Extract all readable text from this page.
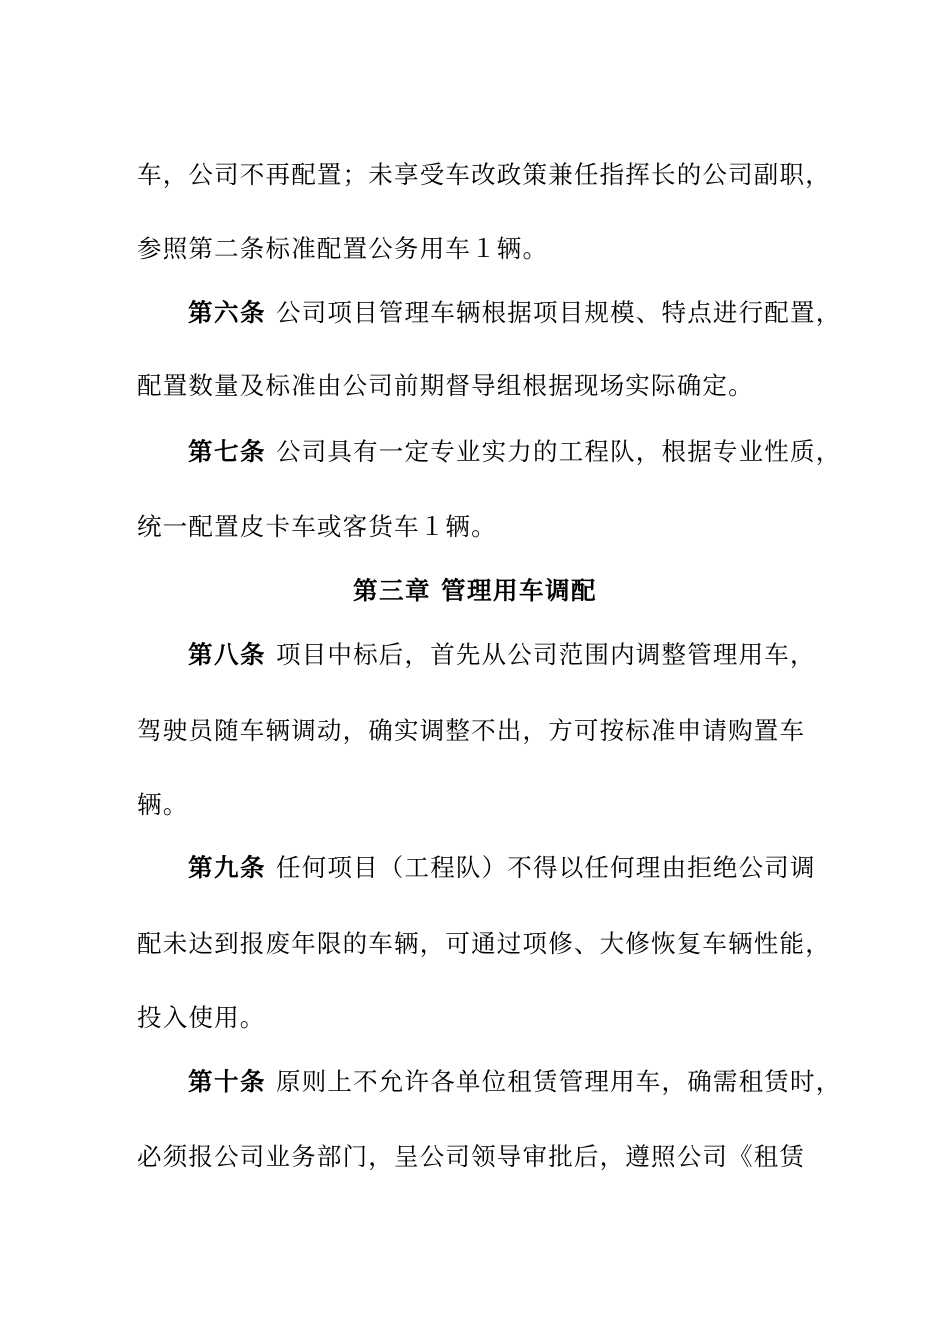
车，公司不再配置；未享受车改政策兼任指挥长的公司副职，
参照第二条标准配置公务用车１辆。
第六条 公司项目管理车辆根据项目规模、特点进行配置，
配置数量及标准由公司前期督导组根据现场实际确定。
第七条 公司具有一定专业实力的工程队，根据专业性质，
统一配置皮卡车或客货车１辆。
第三章 管理用车调配
第八条 项目中标后，首先从公司范围内调整管理用车，
驾驶员随车辆调动，确实调整不出，方可按标准申请购置车
辆。
第九条 任何项目（工程队）不得以任何理由拒绝公司调
配未达到报废年限的车辆，可通过项修、大修恢复车辆性能，
投入使用。
第十条 原则上不允许各单位租赁管理用车，确需租赁时，
必须报公司业务部门，呈公司领导审批后，遵照公司《租赁
